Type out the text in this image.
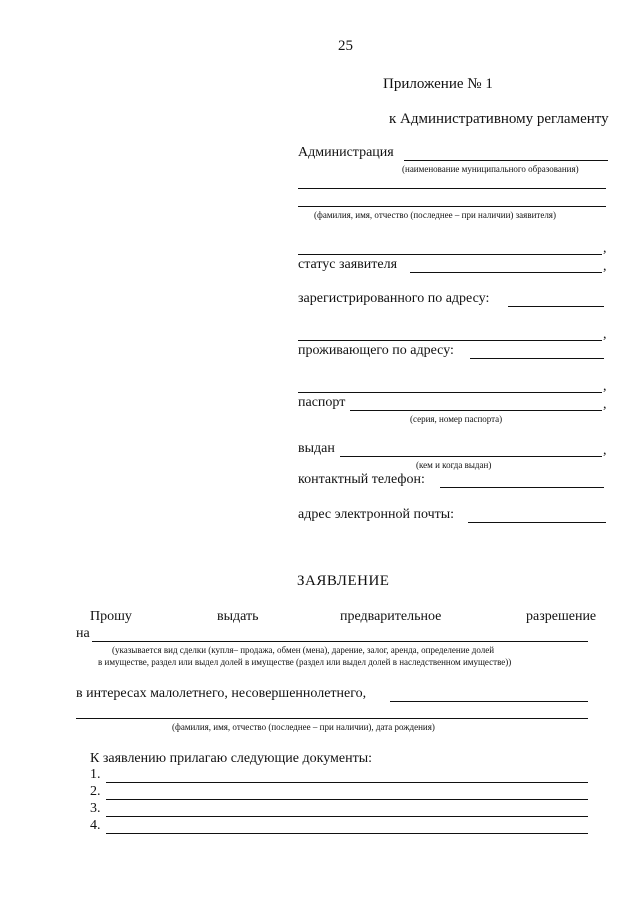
25
Приложение № 1
к Административному регламенту
Администрация
(наименование муниципального образования)
(фамилия, имя, отчество (последнее – при наличии) заявителя)
,
статус заявителя	,
зарегистрированного по адресу:
,
проживающего по адресу:
,
паспорт	,
(серия, номер паспорта)
выдан	,
(кем и когда выдан)
контактный телефон:
адрес электронной почты:
ЗАЯВЛЕНИЕ
Прошу	выдать	предварительное	разрешение
на
(указывается вид сделки (купля– продажа, обмен (мена), дарение, залог, аренда, определение долей
в имуществе, раздел или выдел долей в имуществе (раздел или выдел долей в наследственном имуществе))
в интересах малолетнего, несовершеннолетнего,
(фамилия, имя, отчество (последнее – при наличии), дата рождения)
К заявлению прилагаю следующие документы:
1.
2.
3.
4.
